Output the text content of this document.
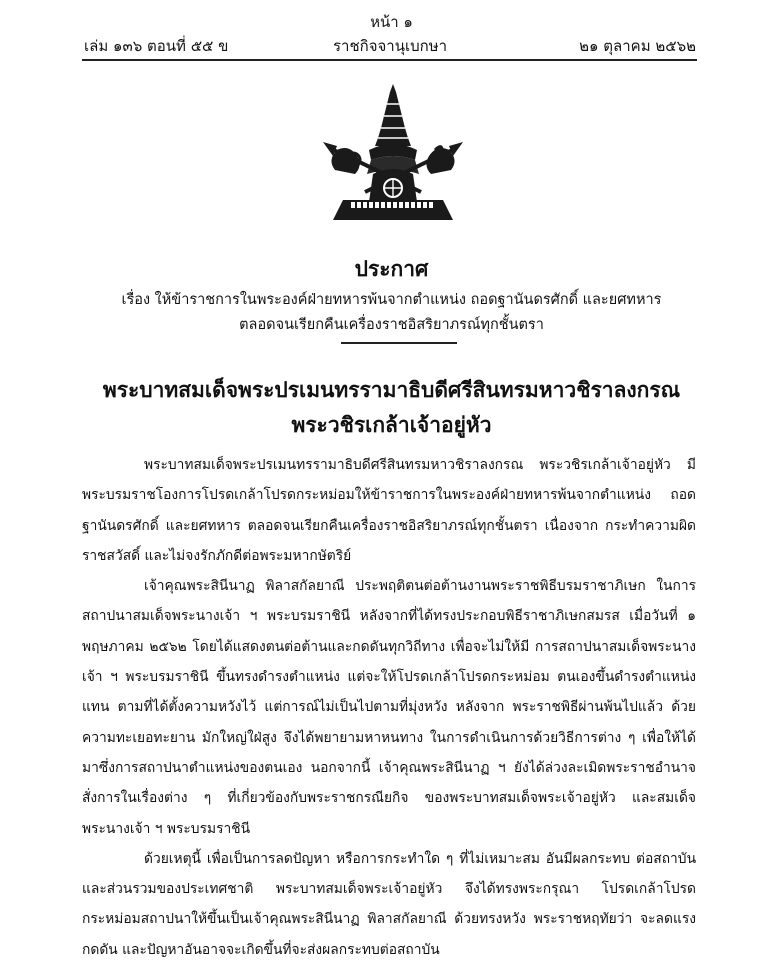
หน้า ๑
เล่ม ๑๓๖ ตอนที่ ๕๕ ข	ราชกิจจานุเบกษา	๒๑ ตุลาคม ๒๕๖๒
ประกาศ
เรื่อง ให้ข้าราชการในพระองค์ฝ่ายทหารพ้นจากตำแหน่ง ถอดฐานันดรศักดิ์ และยศทหาร
ตลอดจนเรียกคืนเครื่องราชอิสริยาภรณ์ทุกชั้นตรา
พระบาทสมเด็จพระปรเมนทรรามาธิบดีศรีสินทรมหาวชิราลงกรณ
พระวชิรเกล้าเจ้าอยู่หัว

พระบาทสมเด็จพระปรเมนทรรามาธิบดีศรีสินทรมหาวชิราลงกรณ พระวชิรเกล้าเจ้าอยู่หัว มีพระบรมราชโองการโปรดเกล้าโปรดกระหม่อมให้ข้าราชการในพระองค์ฝ่ายทหารพ้นจากตำแหน่ง ถอดฐานันดรศักดิ์ และยศทหาร ตลอดจนเรียกคืนเครื่องราชอิสริยาภรณ์ทุกชั้นตรา เนื่องจาก กระทำความผิดราชสวัสดิ์ และไม่จงรักภักดีต่อพระมหากษัตริย์

เจ้าคุณพระสินีนาฏ พิลาสกัลยาณี ประพฤติตนต่อต้านงานพระราชพิธีบรมราชาภิเษก ในการสถาปนาสมเด็จพระนางเจ้า ฯ พระบรมราชินี หลังจากที่ได้ทรงประกอบพิธีราชาภิเษกสมรส เมื่อวันที่ ๑ พฤษภาคม ๒๕๖๒ โดยได้แสดงตนต่อต้านและกดดันทุกวิถีทาง เพื่อจะไม่ให้มี การสถาปนาสมเด็จพระนางเจ้า ฯ พระบรมราชินี ขึ้นทรงดำรงตำแหน่ง แต่จะให้โปรดเกล้าโปรดกระหม่อม ตนเองขึ้นดำรงตำแหน่งแทน ตามที่ได้ตั้งความหวังไว้ แต่การณ์ไม่เป็นไปตามที่มุ่งหวัง หลังจาก พระราชพิธีผ่านพ้นไปแล้ว ด้วยความทะเยอทะยาน มักใหญ่ใฝ่สูง จึงได้พยายามหาหนทาง ในการดำเนินการด้วยวิธีการต่าง ๆ เพื่อให้ได้มาซึ่งการสถาปนาตำแหน่งของตนเอง นอกจากนี้ เจ้าคุณพระสินีนาฏ ฯ ยังได้ล่วงละเมิดพระราชอำนาจ สั่งการในเรื่องต่าง ๆ ที่เกี่ยวข้องกับพระราชกรณียกิจ ของพระบาทสมเด็จพระเจ้าอยู่หัว และสมเด็จพระนางเจ้า ฯ พระบรมราชินี

ด้วยเหตุนี้ เพื่อเป็นการลดปัญหา หรือการกระทำใด ๆ ที่ไม่เหมาะสม อันมีผลกระทบ ต่อสถาบันและส่วนรวมของประเทศชาติ พระบาทสมเด็จพระเจ้าอยู่หัว จึงได้ทรงพระกรุณา โปรดเกล้าโปรดกระหม่อมสถาปนาให้ขึ้นเป็นเจ้าคุณพระสินีนาฏ พิลาสกัลยาณี ด้วยทรงหวัง พระราชหฤทัยว่า จะลดแรงกดดัน และปัญหาอันอาจจะเกิดขึ้นที่จะส่งผลกระทบต่อสถาบัน
